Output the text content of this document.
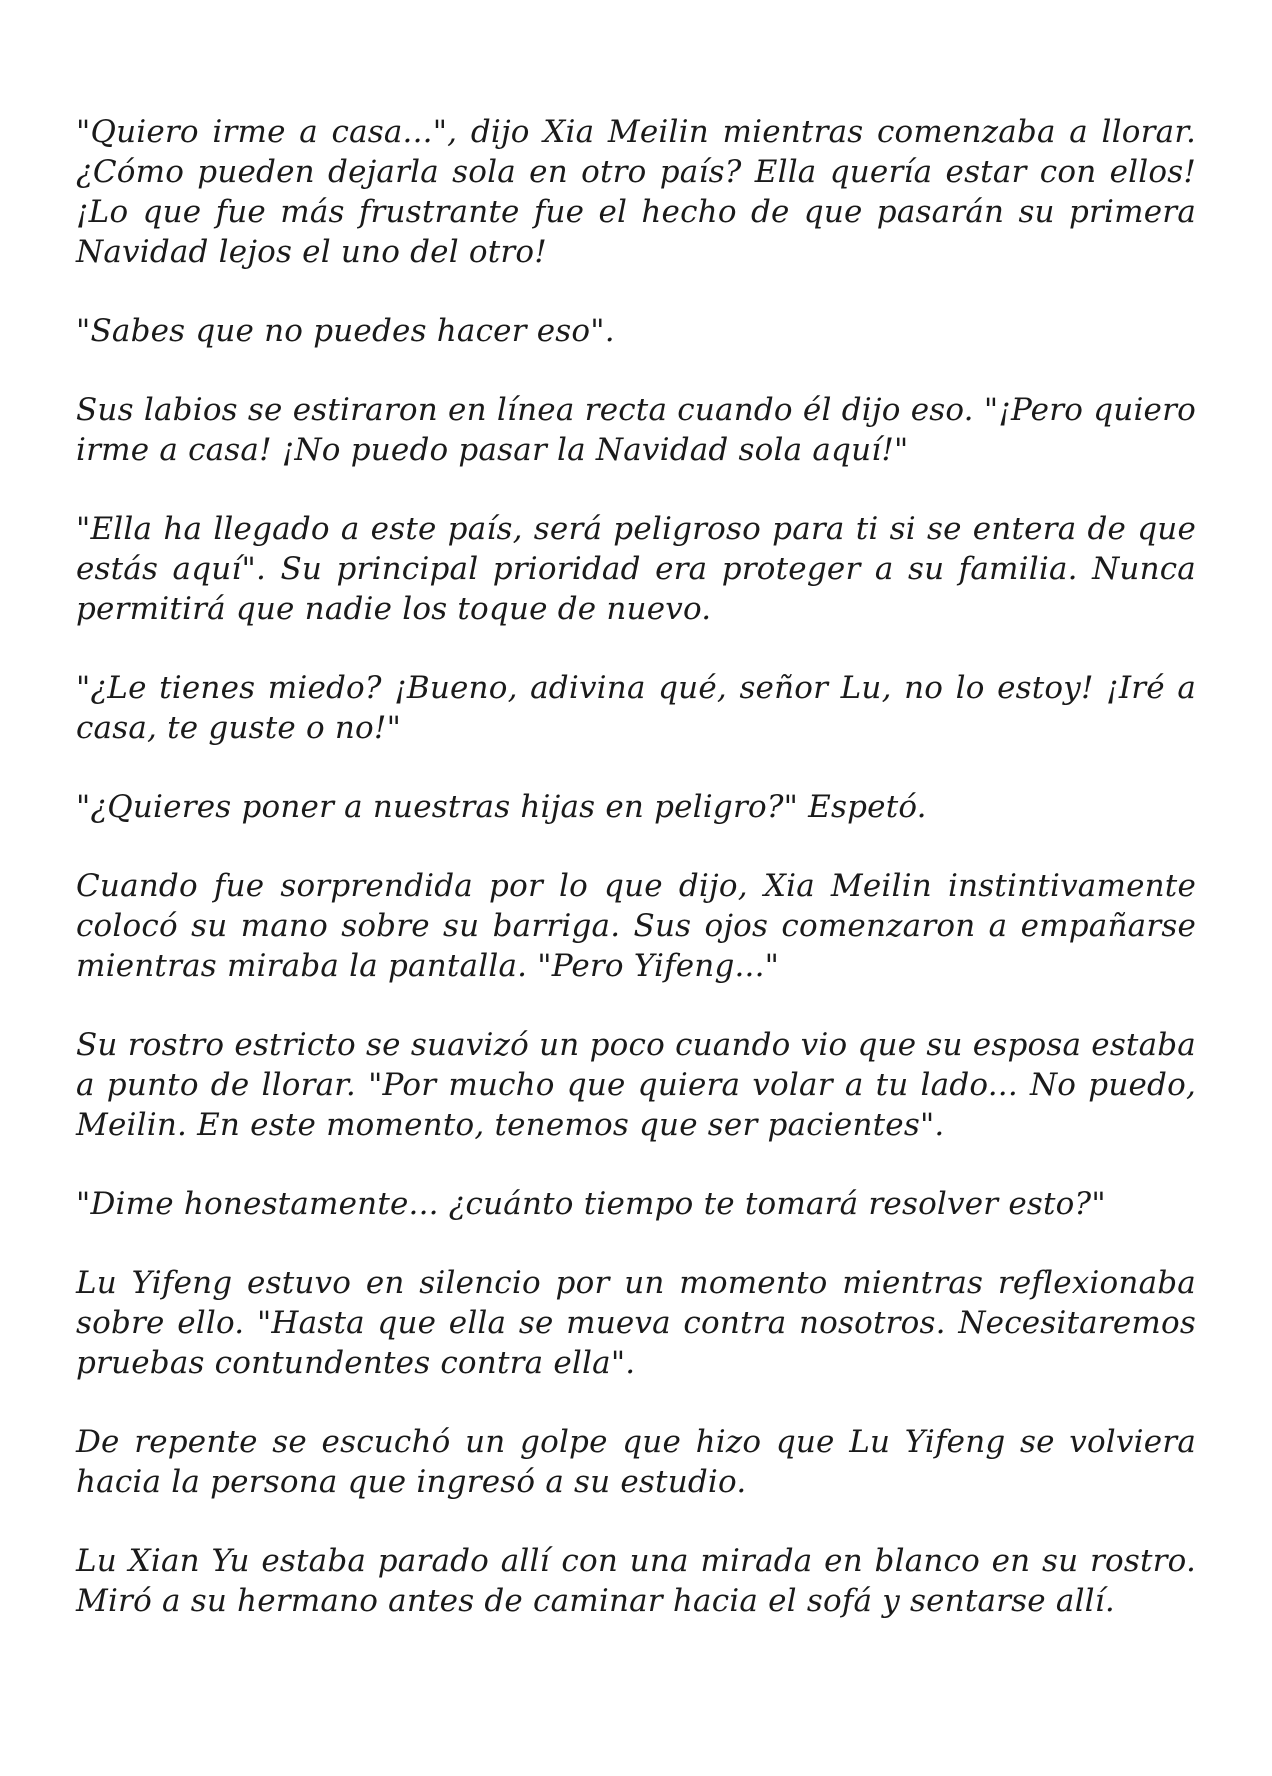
"Quiero irme a casa...", dijo Xia Meilin mientras comenzaba a llorar. ¿Cómo pueden dejarla sola en otro país? Ella quería estar con ellos! ¡Lo que fue más frustrante fue el hecho de que pasarán su primera Navidad lejos el uno del otro!

"Sabes que no puedes hacer eso".

Sus labios se estiraron en línea recta cuando él dijo eso. "¡Pero quiero irme a casa! ¡No puedo pasar la Navidad sola aquí!"

"Ella ha llegado a este país, será peligroso para ti si se entera de que estás aquí". Su principal prioridad era proteger a su familia. Nunca permitirá que nadie los toque de nuevo.

"¿Le tienes miedo? ¡Bueno, adivina qué, señor Lu, no lo estoy! ¡Iré a casa, te guste o no!"

"¿Quieres poner a nuestras hijas en peligro?" Espetó.

Cuando fue sorprendida por lo que dijo, Xia Meilin instintivamente colocó su mano sobre su barriga. Sus ojos comenzaron a empañarse mientras miraba la pantalla. "Pero Yifeng..."

Su rostro estricto se suavizó un poco cuando vio que su esposa estaba a punto de llorar. "Por mucho que quiera volar a tu lado... No puedo, Meilin. En este momento, tenemos que ser pacientes".

"Dime honestamente... ¿cuánto tiempo te tomará resolver esto?"

Lu Yifeng estuvo en silencio por un momento mientras reflexionaba sobre ello. "Hasta que ella se mueva contra nosotros. Necesitaremos pruebas contundentes contra ella".

De repente se escuchó un golpe que hizo que Lu Yifeng se volviera hacia la persona que ingresó a su estudio.

Lu Xian Yu estaba parado allí con una mirada en blanco en su rostro. Miró a su hermano antes de caminar hacia el sofá y sentarse allí.
